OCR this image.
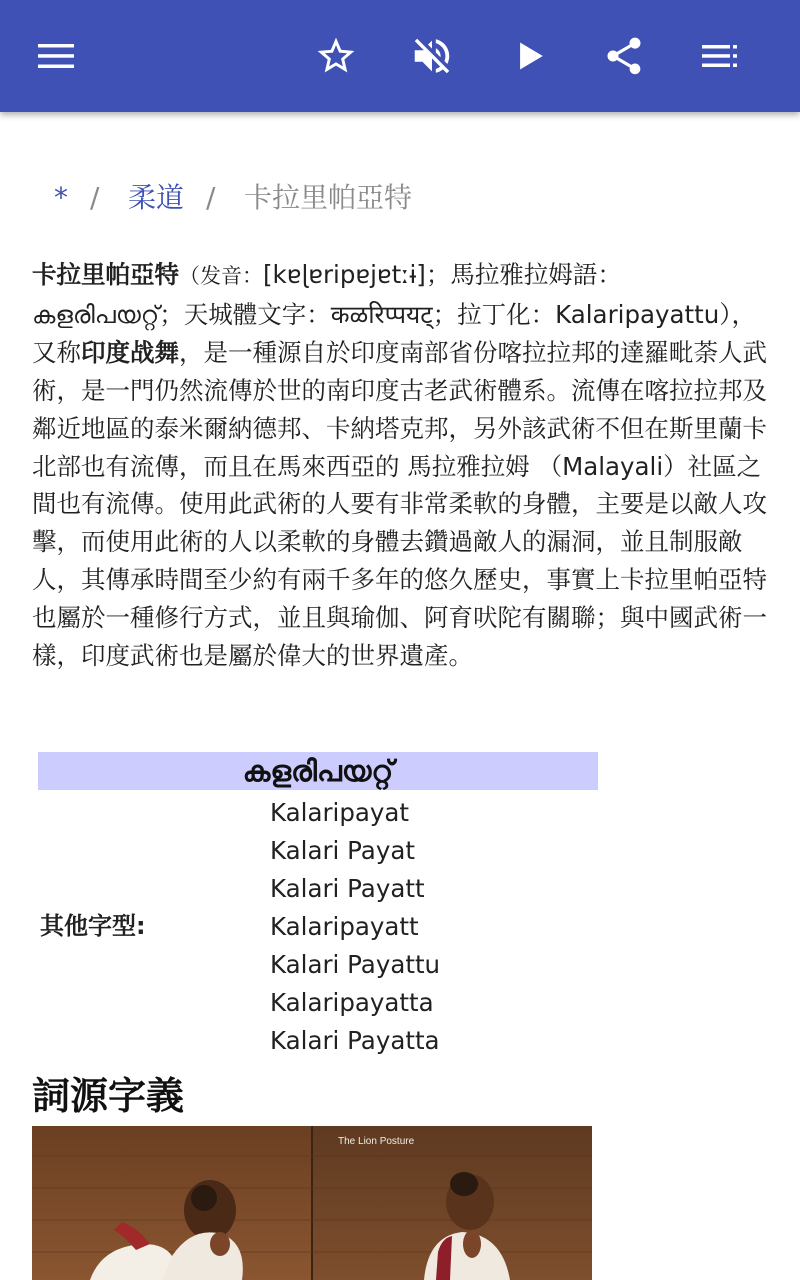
* / 柔道 / 卡拉里帕亞特

卡拉里帕亞特（发音：[kɐɭɐripɐjɐtːɨ]；馬拉雅拉姆語：കളരിപയറ്റ്；天城體文字：कळरिप्पयट्；拉丁化：Kalaripayattu），又称印度战舞，是一種源自於印度南部省份喀拉拉邦的達羅毗荼人武術，是一門仍然流傳於世的南印度古老武術體系。流傳在喀拉拉邦及鄰近地區的泰米爾納德邦、卡納塔克邦，另外該武術不但在斯里蘭卡北部也有流傳，而且在馬來西亞的 馬拉雅拉姆 （Malayali）社區之間也有流傳。使用此武術的人要有非常柔軟的身體，主要是以敵人攻擊，而使用此術的人以柔軟的身體去鑽過敵人的漏洞，並且制服敵人，其傳承時間至少約有兩千多年的悠久歷史，事實上卡拉里帕亞特也屬於一種修行方式，並且與瑜伽、阿育吠陀有關聯；與中國武術一樣，印度武術也是屬於偉大的世界遺產。

കളരിപയറ്റ്
其他字型:
Kalaripayat
Kalari Payat
Kalari Payatt
Kalaripayatt
Kalari Payattu
Kalaripayatta
Kalari Payatta
詞源字義
The Lion Posture
